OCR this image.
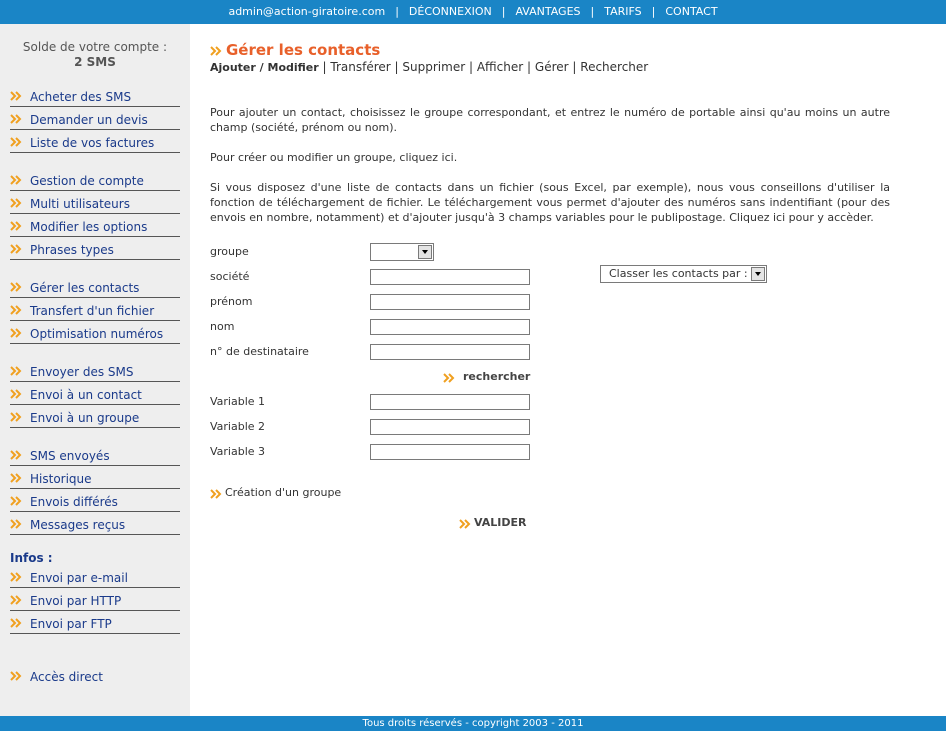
admin@action-giratoire.com | DÉCONNEXION | AVANTAGES | TARIFS | CONTACT
Solde de votre compte :
2 SMS
Acheter des SMS
Demander un devis
Liste de vos factures
Gestion de compte
Multi utilisateurs
Modifier les options
Phrases types
Gérer les contacts
Transfert d'un fichier
Optimisation numéros
Envoyer des SMS
Envoi à un contact
Envoi à un groupe
SMS envoyés
Historique
Envois différés
Messages reçus
Infos :
Envoi par e-mail
Envoi par HTTP
Envoi par FTP
Accès direct
Gérer les contacts
Ajouter / Modifier | Transférer | Supprimer | Afficher | Gérer | Rechercher
Pour ajouter un contact, choisissez le groupe correspondant, et entrez le numéro de portable ainsi qu'au moins un autre champ (société, prénom ou nom).
Pour créer ou modifier un groupe, cliquez ici.
Si vous disposez d'une liste de contacts dans un fichier (sous Excel, par exemple), nous vous conseillons d'utiliser la fonction de téléchargement de fichier. Le téléchargement vous permet d'ajouter des numéros sans indentifiant (pour des envois en nombre, notamment) et d'ajouter jusqu'à 3 champs variables pour le publipostage. Cliquez ici pour y accèder.
groupe
société
prénom
nom
n° de destinataire
rechercher
Variable 1
Variable 2
Variable 3
Création d'un groupe
VALIDER
Classer les contacts par :
Tous droits réservés - copyright 2003 - 2011
